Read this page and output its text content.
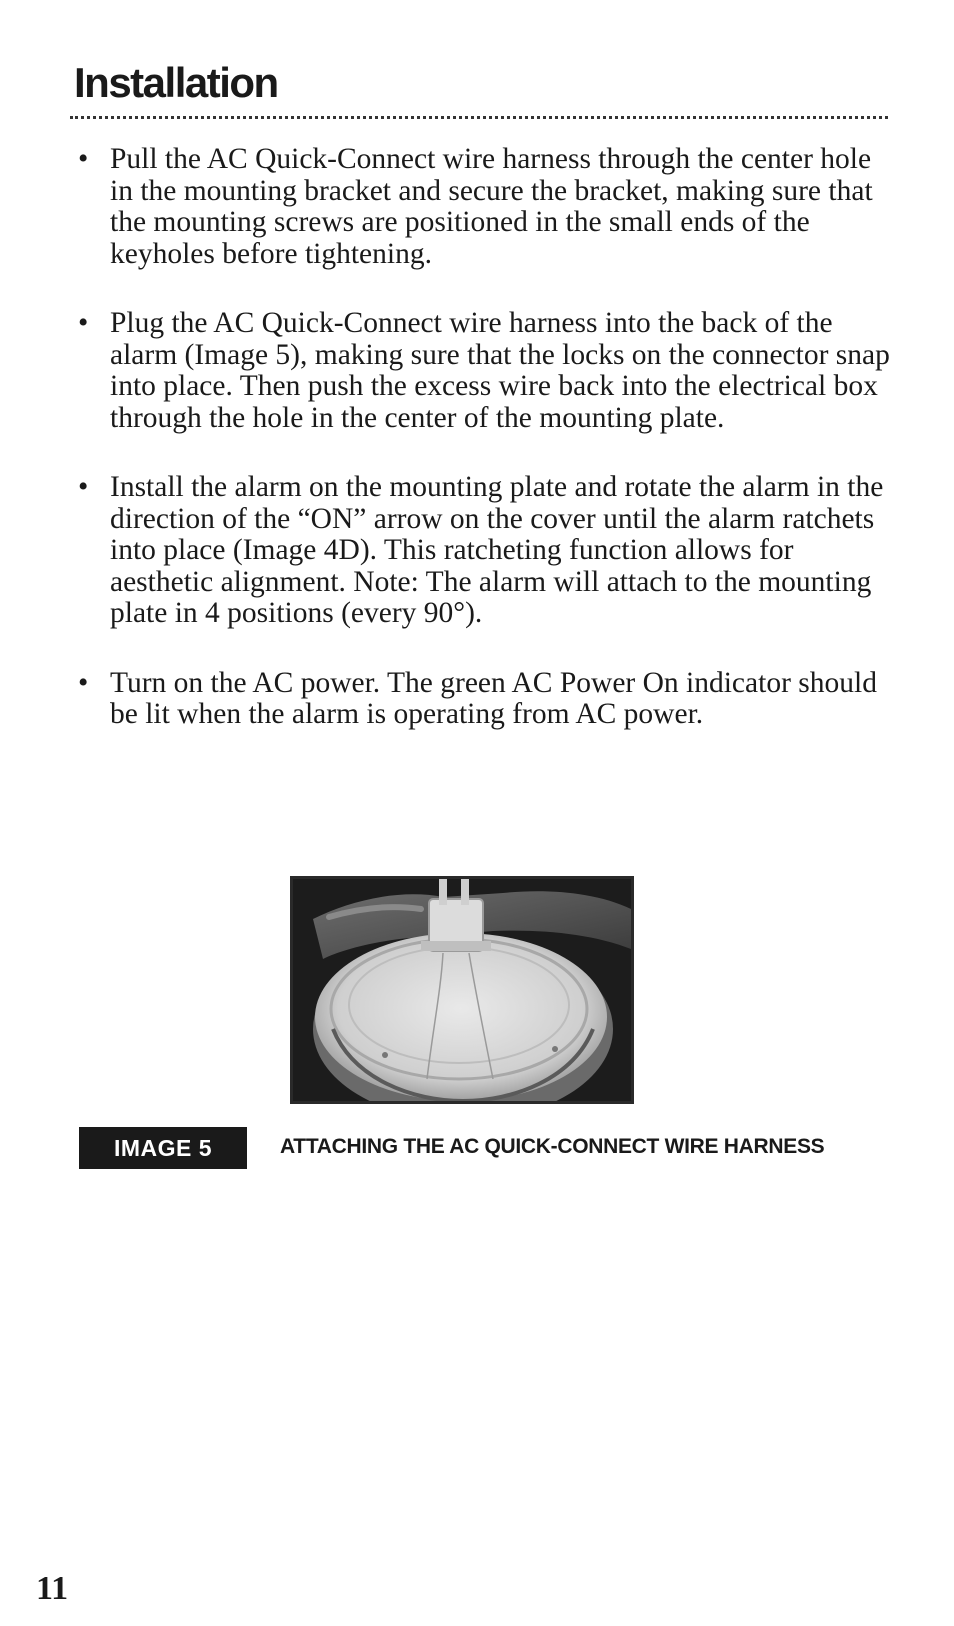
Installation
• Pull the AC Quick-Connect wire harness through the center hole in the mounting bracket and secure the bracket, making sure that the mounting screws are positioned in the small ends of the keyholes before tightening.
• Plug the AC Quick-Connect wire harness into the back of the alarm (Image 5), making sure that the locks on the connector snap into place. Then push the excess wire back into the electrical box through the hole in the center of the mounting plate.
• Install the alarm on the mounting plate and rotate the alarm in the direction of the “ON” arrow on the cover until the alarm ratchets into place (Image 4D). This ratcheting function allows for aesthetic alignment. Note: The alarm will attach to the mounting plate in 4 positions (every 90°).
• Turn on the AC power. The green AC Power On indicator should be lit when the alarm is operating from AC power.
IMAGE 5	ATTACHING THE AC QUICK-CONNECT WIRE HARNESS
11
